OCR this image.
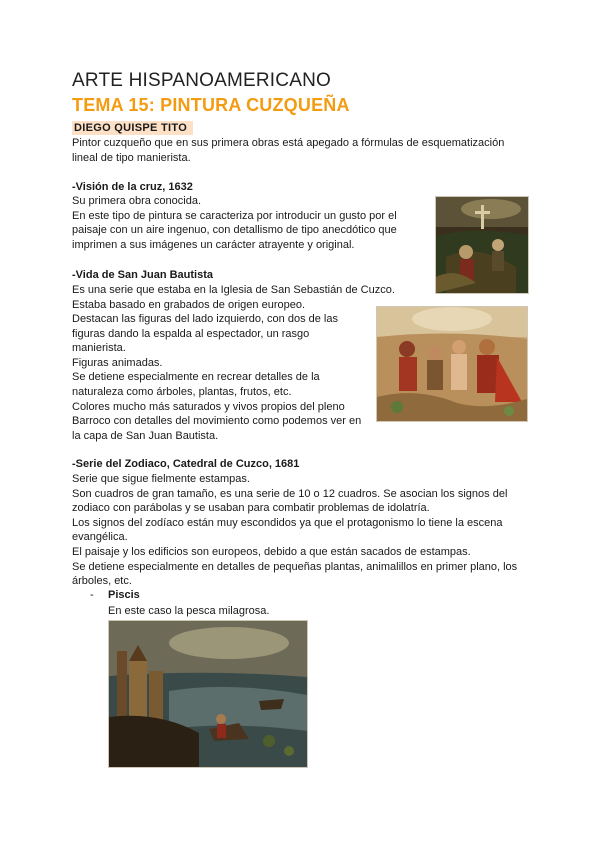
ARTE HISPANOAMERICANO
TEMA 15: PINTURA CUZQUEÑA
DIEGO QUISPE TITO

Pintor cuzqueño que en sus primera obras está apegado a fórmulas de esquematización

lineal de tipo manierista.

-Visión de la cruz, 1632

Su primera obra conocida.

En este tipo de pintura se caracteriza por introducir un gusto por el

paisaje con un aire ingenuo, con detallismo de tipo anecdótico que

imprimen a sus imágenes un carácter atrayente y original.

-Vida de San Juan Bautista

Es una serie que estaba en la Iglesia de San Sebastián de Cuzco.

Estaba basado en grabados de origen europeo.

Destacan las figuras del lado izquierdo, con dos de las

figuras dando la espalda al espectador, un rasgo

manierista.

Figuras animadas.

Se detiene especialmente en recrear detalles de la

naturaleza como árboles, plantas, frutos, etc.

Colores mucho más saturados y vivos propios del pleno

Barroco con detalles del movimiento como podemos ver en

la capa de San Juan Bautista.

-Serie del Zodiaco, Catedral de Cuzco, 1681

Serie que sigue fielmente estampas.

Son cuadros de gran tamaño, es una serie de 10 o 12 cuadros. Se asocian los signos del

zodiaco con parábolas y se usaban para combatir problemas de idolatría.

Los signos del zodíaco están muy escondidos ya que el protagonismo lo tiene la escena

evangélica.

El paisaje y los edificios son europeos, debido a que están sacados de estampas.

Se detiene especialmente en detalles de pequeñas plantas, animalillos en primer plano, los

árboles, etc.

- Piscis
En este caso la pesca milagrosa.
